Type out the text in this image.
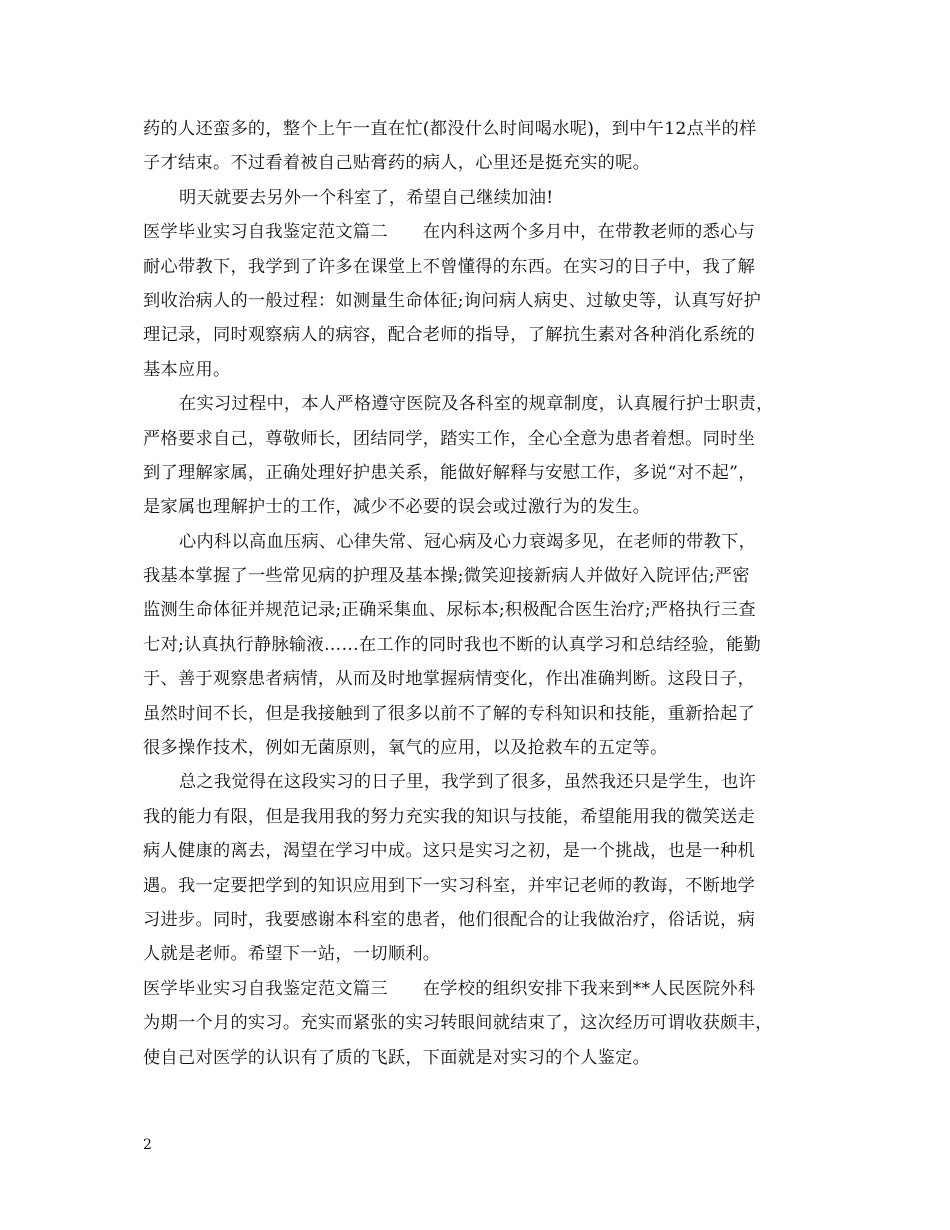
药的人还蛮多的，整个上午一直在忙(都没什么时间喝水呢)，到中午12点半的样
子才结束。不过看着被自己贴膏药的病人，心里还是挺充实的呢。
明天就要去另外一个科室了，希望自己继续加油!
医学毕业实习自我鉴定范文篇二　　在内科这两个多月中，在带教老师的悉心与
耐心带教下，我学到了许多在课堂上不曾懂得的东西。在实习的日子中，我了解
到收治病人的一般过程：如测量生命体征;询问病人病史、过敏史等，认真写好护
理记录，同时观察病人的病容，配合老师的指导，了解抗生素对各种消化系统的
基本应用。
在实习过程中，本人严格遵守医院及各科室的规章制度，认真履行护士职责，
严格要求自己，尊敬师长，团结同学，踏实工作，全心全意为患者着想。同时坐
到了理解家属，正确处理好护患关系，能做好解释与安慰工作，多说“对不起”，
是家属也理解护士的工作，减少不必要的误会或过激行为的发生。
心内科以高血压病、心律失常、冠心病及心力衰竭多见，在老师的带教下，
我基本掌握了一些常见病的护理及基本操;微笑迎接新病人并做好入院评估;严密
监测生命体征并规范记录;正确采集血、尿标本;积极配合医生治疗;严格执行三查
七对;认真执行静脉输液……在工作的同时我也不断的认真学习和总结经验，能勤
于、善于观察患者病情，从而及时地掌握病情变化，作出准确判断。这段日子，
虽然时间不长，但是我接触到了很多以前不了解的专科知识和技能，重新拾起了
很多操作技术，例如无菌原则，氧气的应用，以及抢救车的五定等。
总之我觉得在这段实习的日子里，我学到了很多，虽然我还只是学生，也许
我的能力有限，但是我用我的努力充实我的知识与技能，希望能用我的微笑送走
病人健康的离去，渴望在学习中成。这只是实习之初，是一个挑战，也是一种机
遇。我一定要把学到的知识应用到下一实习科室，并牢记老师的教诲，不断地学
习进步。同时，我要感谢本科室的患者，他们很配合的让我做治疗，俗话说，病
人就是老师。希望下一站，一切顺利。
医学毕业实习自我鉴定范文篇三　　在学校的组织安排下我来到**人民医院外科
为期一个月的实习。充实而紧张的实习转眼间就结束了，这次经历可谓收获颇丰，
使自己对医学的认识有了质的飞跃，下面就是对实习的个人鉴定。
2
